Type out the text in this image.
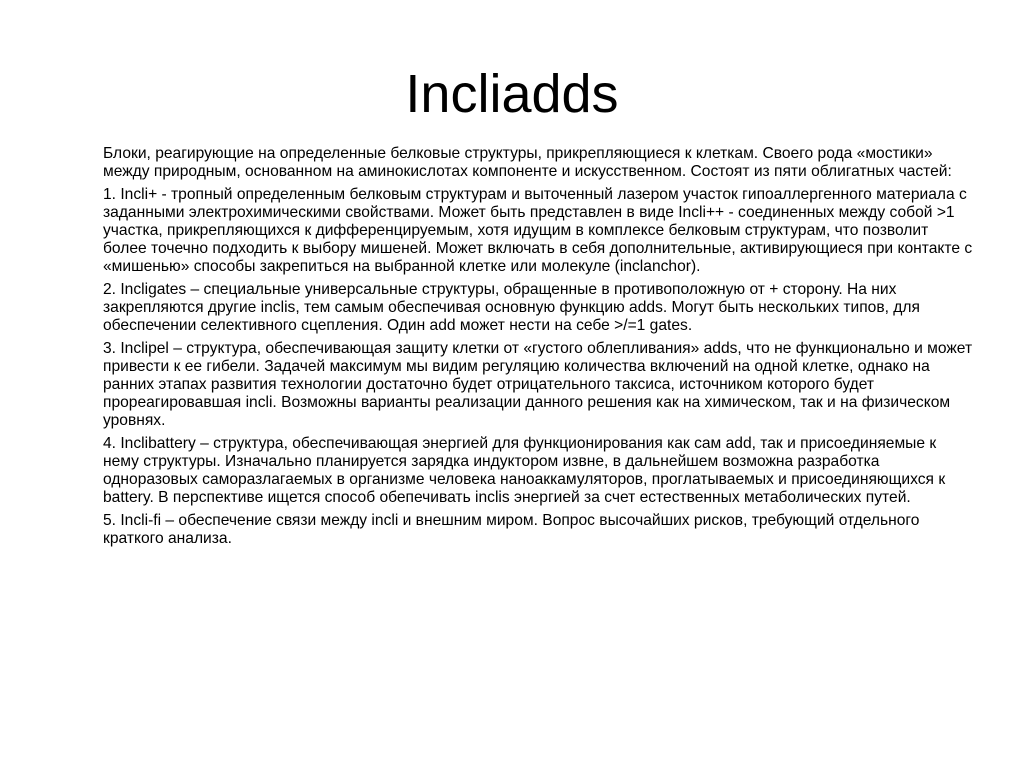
Incliadds

Блоки, реагирующие на определенные белковые структуры, прикрепляющиеся к клеткам. Своего рода «мостики» между природным, основанном на аминокислотах компоненте и искусственном. Состоят из пяти облигатных частей:

1. Incli+ - тропный определенным белковым структурам и выточенный лазером участок гипоаллергенного материала с заданными электрохимическими свойствами. Может быть представлен в виде Incli++ - соединенных между собой >1 участка, прикрепляющихся к дифференцируемым, хотя идущим в комплексе белковым структурам, что позволит более точечно подходить к выбору мишеней. Может включать в себя дополнительные, активирующиеся при контакте с «мишенью» способы закрепиться на выбранной клетке или молекуле (inclanchor).

2. Incligates – специальные универсальные структуры, обращенные в противоположную от + сторону. На них закрепляются другие inclis, тем самым обеспечивая основную функцию adds. Могут быть нескольких типов, для обеспечении селективного сцепления. Один add может нести на себе >/=1 gates.

3. Inclipel – структура, обеспечивающая защиту клетки от «густого облепливания» adds, что не функционально и может привести к ее гибели. Задачей максимум мы видим регуляцию количества включений на одной клетке, однако на ранних этапах развития технологии достаточно будет отрицательного таксиса, источником которого будет прореагировавшая incli. Возможны варианты реализации данного решения как на химическом, так и на физическом уровнях.

4. Inclibattery – структура, обеспечивающая энергией для функционирования как сам add, так и присоединяемые к нему структуры. Изначально планируется зарядка индуктором извне, в дальнейшем возможна разработка одноразовых саморазлагаемых в организме человека наноаккамуляторов, проглатываемых и присоединяющихся к battery. В перспективе ищется способ обепечивать inclis энергией за счет естественных метаболических путей.

5. Incli-fi – обеспечение связи между incli и внешним миром. Вопрос высочайших рисков, требующий отдельного краткого анализа.
